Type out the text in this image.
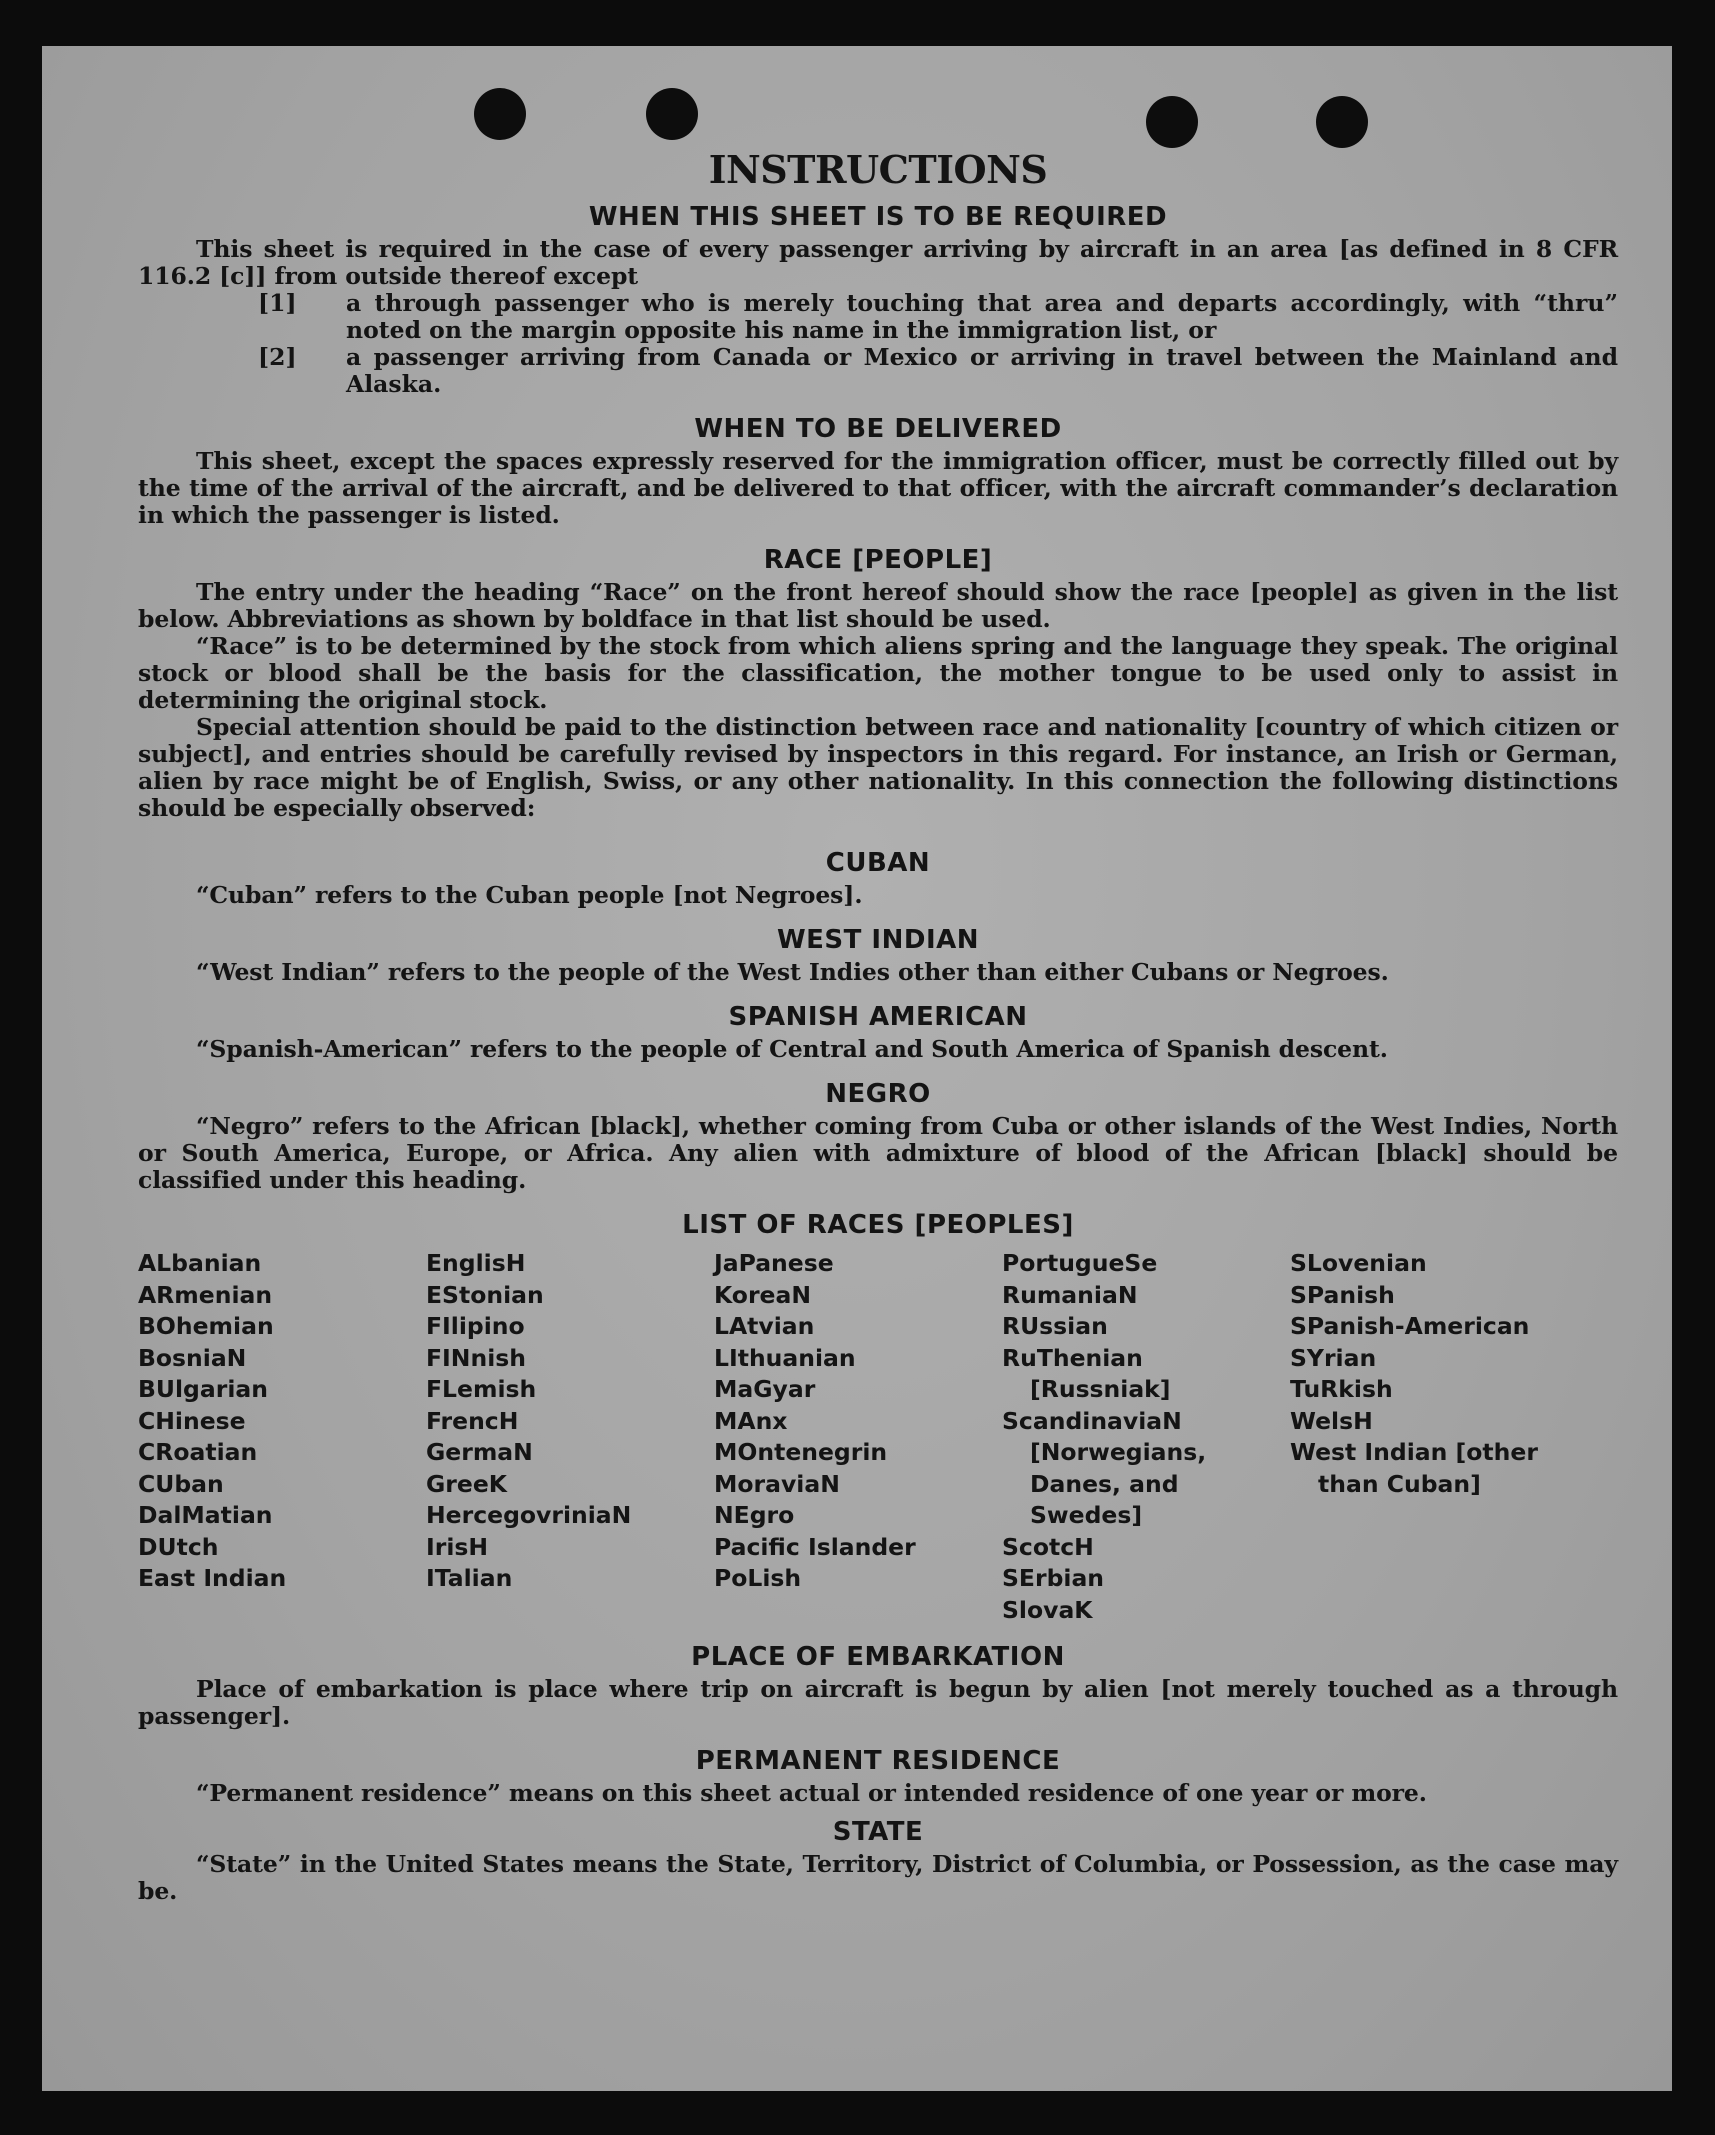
INSTRUCTIONS
WHEN THIS SHEET IS TO BE REQUIRED

This sheet is required in the case of every passenger arriving by aircraft in an area [as defined in 8 CFR 116.2 [c]] from outside thereof except

[1]	a through passenger who is merely touching that area and departs accordingly, with “thru” noted on the margin opposite his name in the immigration list, or
[2]	a passenger arriving from Canada or Mexico or arriving in travel between the Mainland and Alaska.
WHEN TO BE DELIVERED

This sheet, except the spaces expressly reserved for the immigration officer, must be correctly filled out by the time of the arrival of the aircraft, and be delivered to that officer, with the aircraft commander’s declaration in which the passenger is listed.

RACE [PEOPLE]

The entry under the heading “Race” on the front hereof should show the race [people] as given in the list below. Abbreviations as shown by boldface in that list should be used.

“Race” is to be determined by the stock from which aliens spring and the language they speak. The original stock or blood shall be the basis for the classification, the mother tongue to be used only to assist in determining the original stock.

Special attention should be paid to the distinction between race and nationality [country of which citizen or subject], and entries should be carefully revised by inspectors in this regard. For instance, an Irish or German, alien by race might be of English, Swiss, or any other nationality. In this connection the following distinctions should be especially observed:

CUBAN

“Cuban” refers to the Cuban people [not Negroes].

WEST INDIAN

“West Indian” refers to the people of the West Indies other than either Cubans or Negroes.

SPANISH AMERICAN

“Spanish-American” refers to the people of Central and South America of Spanish descent.

NEGRO

“Negro” refers to the African [black], whether coming from Cuba or other islands of the West Indies, North or South America, Europe, or Africa. Any alien with admixture of blood of the African [black] should be classified under this heading.

LIST OF RACES [PEOPLES]
ALbanian
ARmenian
BOhemian
BosniaN
BUlgarian
CHinese
CRoatian
CUban
DalMatian
DUtch
East Indian
EnglisH
EStonian
FIlipino
FINnish
FLemish
FrencH
GermaN
GreeK
HercegovriniaN
IrisH
ITalian
JaPanese
KoreaN
LAtvian
LIthuanian
MaGyar
MAnx
MOntenegrin
MoraviaN
NEgro
Pacific Islander
PoLish
PortugueSe
RumaniaN
RUssian
RuThenian [Russniak]
ScandinaviaN [Norwegians, Danes, and Swedes]
ScotcH
SErbian
SlovaK
SLovenian
SPanish
SPanish-American
SYrian
TuRkish
WelsH
West Indian [other than Cuban]
PLACE OF EMBARKATION

Place of embarkation is place where trip on aircraft is begun by alien [not merely touched as a through passenger].

PERMANENT RESIDENCE

“Permanent residence” means on this sheet actual or intended residence of one year or more.

STATE

“State” in the United States means the State, Territory, District of Columbia, or Possession, as the case may be.
